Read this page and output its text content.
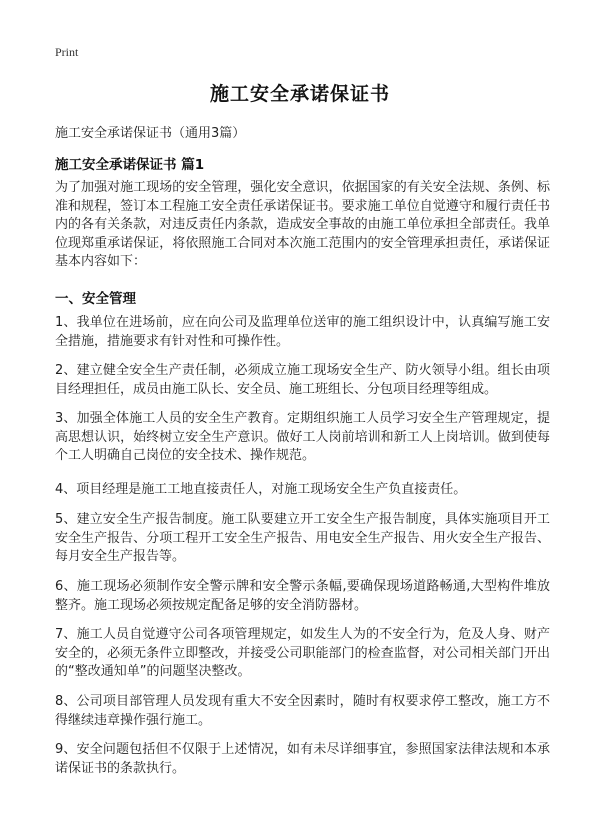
Print
施工安全承诺保证书
施工安全承诺保证书（通用3篇）
施工安全承诺保证书 篇1
为了加强对施工现场的安全管理，强化安全意识，依据国家的有关安全法规、条例、标准和规程，签订本工程施工安全责任承诺保证书。要求施工单位自觉遵守和履行责任书内的各有关条款，对违反责任内条款，造成安全事故的由施工单位承担全部责任。我单位现郑重承诺保证，将依照施工合同对本次施工范围内的安全管理承担责任，承诺保证基本内容如下：
一、安全管理
1、我单位在进场前，应在向公司及监理单位送审的施工组织设计中，认真编写施工安全措施，措施要求有针对性和可操作性。
2、建立健全安全生产责任制，必须成立施工现场安全生产、防火领导小组。组长由项目经理担任，成员由施工队长、安全员、施工班组长、分包项目经理等组成。
3、加强全体施工人员的安全生产教育。定期组织施工人员学习安全生产管理规定，提高思想认识，始终树立安全生产意识。做好工人岗前培训和新工人上岗培训。做到使每个工人明确自己岗位的安全技术、操作规范。
4、项目经理是施工工地直接责任人，对施工现场安全生产负直接责任。
5、建立安全生产报告制度。施工队要建立开工安全生产报告制度，具体实施项目开工安全生产报告、分项工程开工安全生产报告、用电安全生产报告、用火安全生产报告、每月安全生产报告等。
6、施工现场必须制作安全警示牌和安全警示条幅,要确保现场道路畅通,大型构件堆放整齐。施工现场必须按规定配备足够的安全消防器材。
7、施工人员自觉遵守公司各项管理规定，如发生人为的不安全行为，危及人身、财产安全的，必须无条件立即整改，并接受公司职能部门的检查监督，对公司相关部门开出的“整改通知单”的问题坚决整改。
8、公司项目部管理人员发现有重大不安全因素时，随时有权要求停工整改，施工方不得继续违章操作强行施工。
9、安全问题包括但不仅限于上述情况，如有未尽详细事宜，参照国家法律法规和本承诺保证书的条款执行。
